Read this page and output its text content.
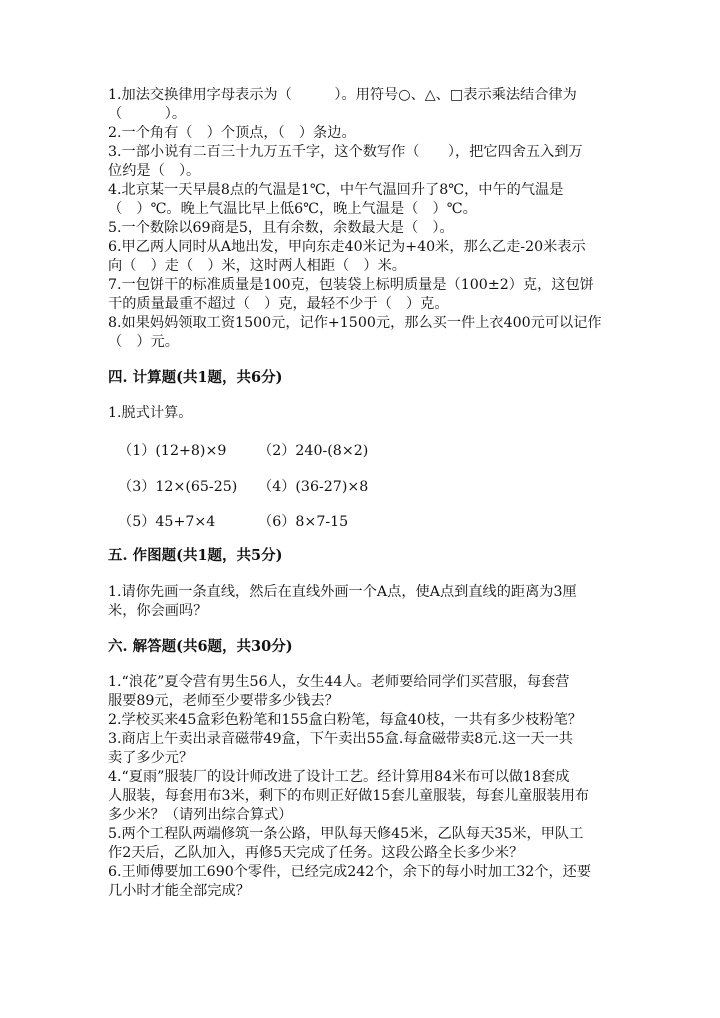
1.加法交换律用字母表示为（　　　）。用符号○、△、□表示乘法结合律为
（　　　）。
2.一个角有（　）个顶点，（　）条边。
3.一部小说有二百三十九万五千字，这个数写作（　　），把它四舍五入到万
位约是（　）。
4.北京某一天早晨8点的气温是1℃，中午气温回升了8℃，中午的气温是
（　）℃。晚上气温比早上低6℃，晚上气温是（　）℃。
5.一个数除以69商是5，且有余数，余数最大是（　）。
6.甲乙两人同时从A地出发，甲向东走40米记为+40米，那么乙走-20米表示
向（　）走（　）米，这时两人相距（　）米。
7.一包饼干的标准质量是100克，包装袋上标明质量是（100±2）克，这包饼
干的质量最重不超过（　）克，最轻不少于（　）克。
8.如果妈妈领取工资1500元，记作+1500元，那么买一件上衣400元可以记作
（　）元。
四. 计算题(共1题，共6分)
1.脱式计算。
（1）(12+8)×9 （2）240-(8×2)
（3）12×(65-25) （4）(36-27)×8
（5）45+7×4	（6）8×7-15
五. 作图题(共1题，共5分)
1.请你先画一条直线，然后在直线外画一个A点，使A点到直线的距离为3厘
米，你会画吗？
六. 解答题(共6题，共30分)
1.“浪花”夏令营有男生56人，女生44人。老师要给同学们买营服，每套营
服要89元，老师至少要带多少钱去？
2.学校买来45盒彩色粉笔和155盒白粉笔，每盒40枝，一共有多少枝粉笔？
3.商店上午卖出录音磁带49盒，下午卖出55盒.每盒磁带卖8元.这一天一共
卖了多少元？
4.“夏雨”服装厂的设计师改进了设计工艺。经计算用84米布可以做18套成
人服装，每套用布3米，剩下的布则正好做15套儿童服装，每套儿童服装用布
多少米？（请列出综合算式）
5.两个工程队两端修筑一条公路，甲队每天修45米，乙队每天35米，甲队工
作2天后，乙队加入，再修5天完成了任务。这段公路全长多少米？
6.王师傅要加工690个零件，已经完成242个，余下的每小时加工32个，还要
几小时才能全部完成？
